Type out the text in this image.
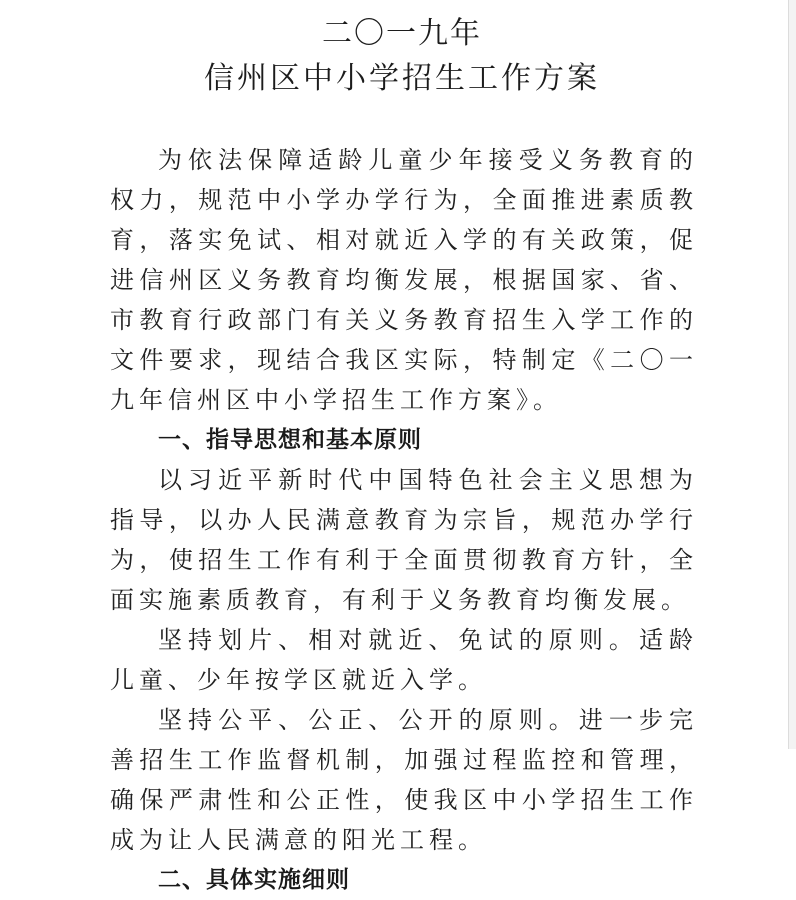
二〇一九年
信州区中小学招生工作方案

为依法保障适龄儿童少年接受义务教育的权力，规范中小学办学行为，全面推进素质教育，落实免试、相对就近入学的有关政策，促进信州区义务教育均衡发展，根据国家、省、市教育行政部门有关义务教育招生入学工作的文件要求，现结合我区实际，特制定《二〇一九年信州区中小学招生工作方案》。

一、指导思想和基本原则

以习近平新时代中国特色社会主义思想为指导，以办人民满意教育为宗旨，规范办学行为，使招生工作有利于全面贯彻教育方针，全面实施素质教育，有利于义务教育均衡发展。

坚持划片、相对就近、免试的原则。适龄儿童、少年按学区就近入学。

坚持公平、公正、公开的原则。进一步完善招生工作监督机制，加强过程监控和管理，确保严肃性和公正性，使我区中小学招生工作成为让人民满意的阳光工程。

二、具体实施细则
